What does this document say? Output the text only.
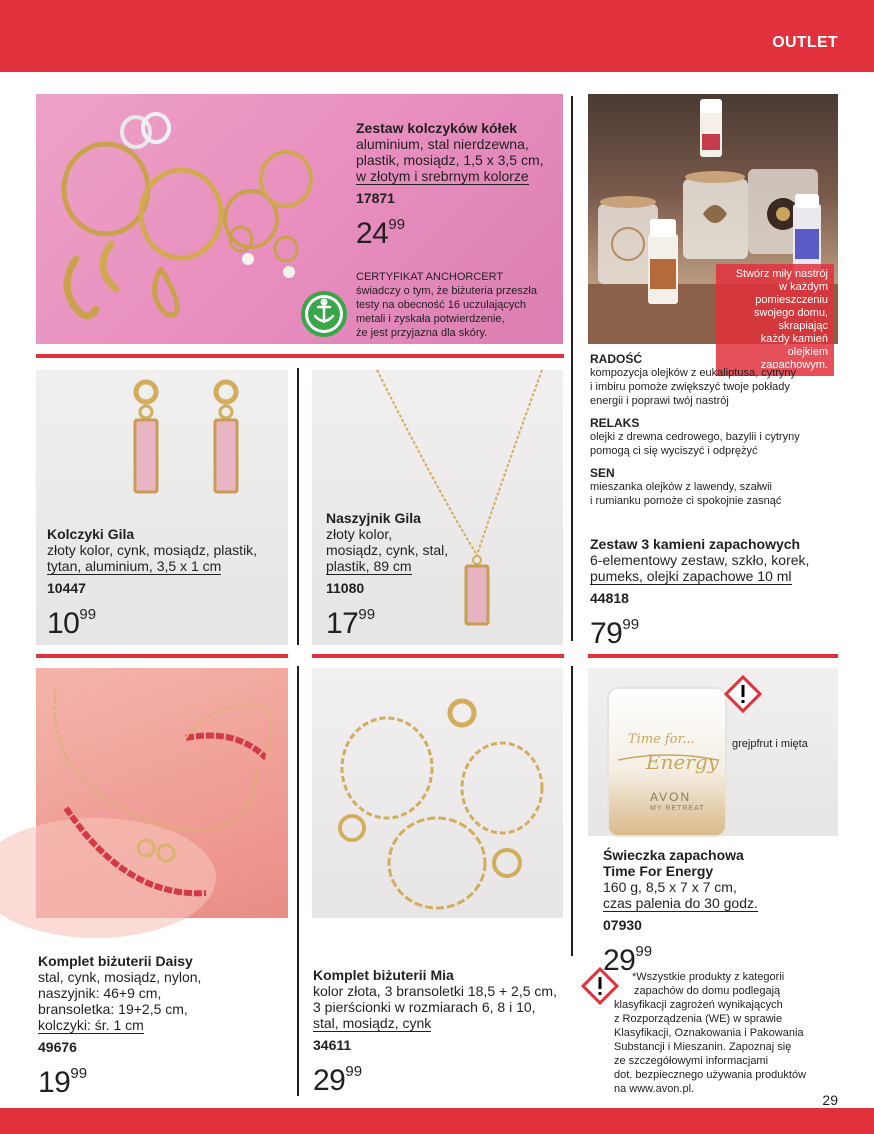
OUTLET
29
Zestaw kolczyków kółek
aluminium, stal nierdzewna,
plastik, mosiądz, 1,5 x 3,5 cm,
w złotym i srebrnym kolorze
17871
$24^{99}$
CERTYFIKAT ANCHORCERT
świadczy o tym, że biżuteria przeszła
testy na obecność 16 uczulających
metali i zyskała potwierdzenie,
że jest przyjazna dla skóry.
Stwórz miły nastrój
w każdym pomieszczeniu
swojego domu, skrapiając
każdy kamień olejkiem
zapachowym.
RADOŚĆ
kompozycja olejków z eukaliptusa, cytryny
i imbiru pomoże zwiększyć twoje pokłady
energii i poprawi twój nastrój
RELAKS
olejki z drewna cedrowego, bazylii i cytryny
pomogą ci się wyciszyć i odprężyć
SEN
mieszanka olejków z lawendy, szałwii
i rumianku pomoże ci spokojnie zasnąć
Zestaw 3 kamieni zapachowych
6-elementowy zestaw, szkło, korek,
pumeks, olejki zapachowe 10 ml
44818
$79^{99}$
Kolczyki Gila
złoty kolor, cynk, mosiądz, plastik,
tytan, aluminium, 3,5 x 1 cm
10447
$10^{99}$
Naszyjnik Gila
złoty kolor,
mosiądz, cynk, stal,
plastik, 89 cm
11080
$17^{99}$
Komplet biżuterii Daisy
stal, cynk, mosiądz, nylon,
naszyjnik: 46+9 cm,
bransoletka: 19+2,5 cm,
kolczyki: śr. 1 cm
49676
$19^{99}$
Komplet biżuterii Mia
kolor złota, 3 bransoletki 18,5 + 2,5 cm,
3 pierścionki w rozmiarach 6, 8 i 10,
stal, mosiądz, cynk
34611
$29^{99}$
Time for...
Energy
AVON
MY RETREAT
grejpfrut i mięta
Świeczka zapachowa
Time For Energy
160 g, 8,5 x 7 x 7 cm,
czas palenia do 30 godz.
07930
$29^{99}$
*Wszystkie produkty z kategorii
zapachów do domu podlegają
klasyfikacji zagrożeń wynikających
z Rozporządzenia (WE) w sprawie
Klasyfikacji, Oznakowania i Pakowania
Substancji i Mieszanin. Zapoznaj się
ze szczegółowymi informacjami
dot. bezpiecznego używania produktów
na www.avon.pl.
